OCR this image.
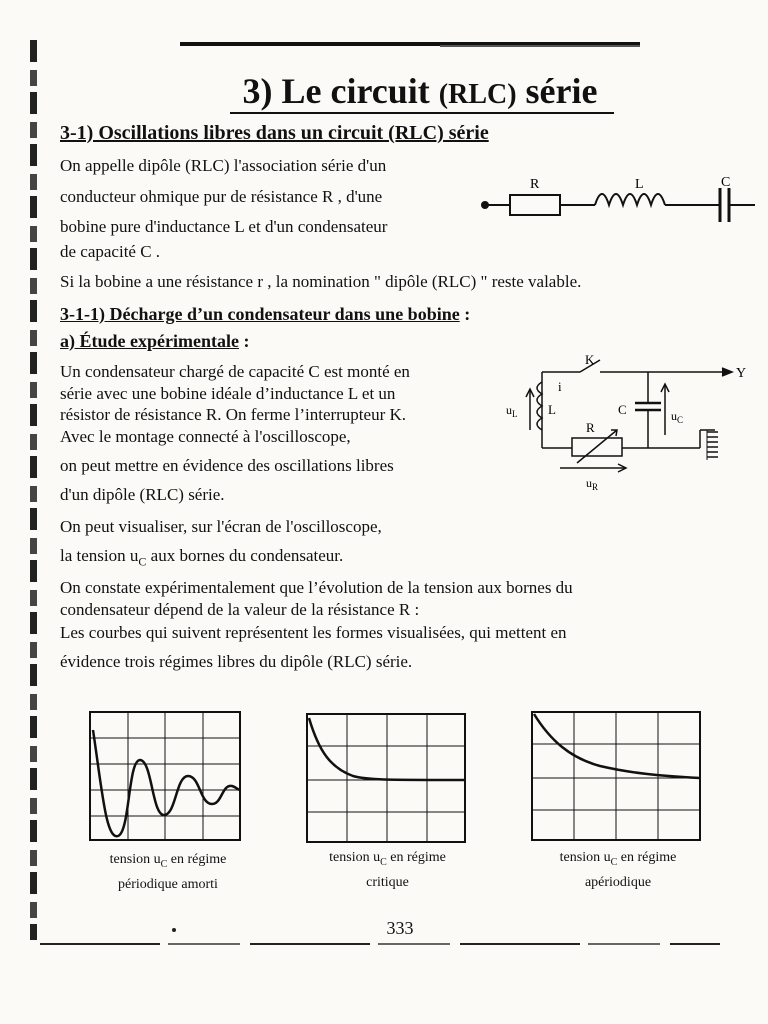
3) Le circuit (RLC) série
3-1) Oscillations libres dans un circuit (RLC) série
On appelle dipôle (RLC) l'association série d'un
conducteur ohmique pur de résistance R , d'une
bobine pure d'inductance L et d'un condensateur
de capacité C .
Si la bobine a une résistance r , la nomination " dipôle (RLC) " reste valable.
R	L	C
3-1-1) Décharge d’un condensateur dans une bobine :
a) Étude expérimentale :
Un condensateur chargé de capacité C est monté en
série avec une bobine idéale d’inductance L et un
résistor de résistance R. On ferme l’interrupteur K.
Avec le montage connecté à l'oscilloscope,
on peut mettre en évidence des oscillations libres
d'un dipôle (RLC) série.
K
Y
i
$u_L$ L	C	$u_C$
R
$u_R$
On peut visualiser, sur l'écran de l'oscilloscope,
la tension $u_C$ aux bornes du condensateur.
On constate expérimentalement que l’évolution de la tension aux bornes du
condensateur dépend de la valeur de la résistance R :
Les courbes qui suivent représentent les formes visualisées, qui mettent en
évidence trois régimes libres du dipôle (RLC) série.
tension $u_C$ en régime
périodique amorti
tension $u_C$ en régime
critique
tension $u_C$ en régime
apériodique
333
